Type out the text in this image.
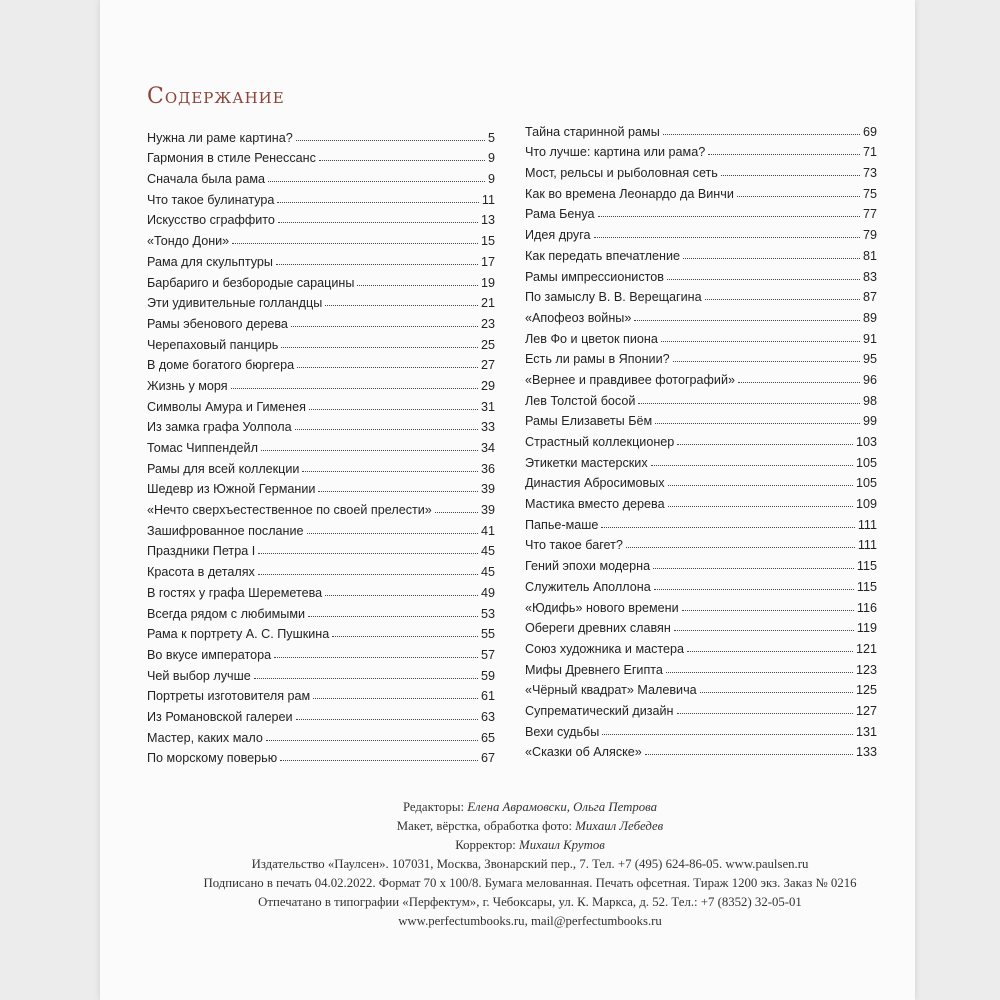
Содержание
Нужна ли раме картина?	5
Гармония в стиле Ренессанс	9
Сначала была рама	9
Что такое булинатура	11
Искусство сграффито	13
«Тондо Дони»	15
Рама для скульптуры	17
Барбариго и безбородые сарацины	19
Эти удивительные голландцы	21
Рамы эбенового дерева	23
Черепаховый панцирь	25
В доме богатого бюргера	27
Жизнь у моря	29
Символы Амура и Гименея	31
Из замка графа Уолпола	33
Томас Чиппендейл	34
Рамы для всей коллекции	36
Шедевр из Южной Германии	39
«Нечто сверхъестественное по своей прелести»	39
Зашифрованное послание	41
Праздники Петра I	45
Красота в деталях	45
В гостях у графа Шереметева	49
Всегда рядом с любимыми	53
Рама к портрету А. С. Пушкина	55
Во вкусе императора	57
Чей выбор лучше	59
Портреты изготовителя рам	61
Из Романовской галереи	63
Мастер, каких мало	65
По морскому поверью	67
Тайна старинной рамы	69
Что лучше: картина или рама?	71
Мост, рельсы и рыболовная сеть	73
Как во времена Леонардо да Винчи	75
Рама Бенуа	77
Идея друга	79
Как передать впечатление	81
Рамы импрессионистов	83
По замыслу В. В. Верещагина	87
«Апофеоз войны»	89
Лев Фо и цветок пиона	91
Есть ли рамы в Японии?	95
«Вернее и правдивее фотографий»	96
Лев Толстой босой	98
Рамы Елизаветы Бём	99
Страстный коллекционер	103
Этикетки мастерских	105
Династия Абросимовых	105
Мастика вместо дерева	109
Папье-маше	111
Что такое багет?	111
Гений эпохи модерна	115
Служитель Аполлона	115
«Юдифь» нового времени	116
Обереги древних славян	119
Союз художника и мастера	121
Мифы Древнего Египта	123
«Чёрный квадрат» Малевича	125
Супрематический дизайн	127
Вехи судьбы	131
«Сказки об Аляске»	133
Редакторы: Елена Аврамовски, Ольга Петрова
Макет, вёрстка, обработка фото: Михаил Лебедев
Корректор: Михаил Крутов
Издательство «Паулсен». 107031, Москва, Звонарский пер., 7. Тел. +7 (495) 624-86-05. www.paulsen.ru
Подписано в печать 04.02.2022. Формат 70 х 100/8. Бумага мелованная. Печать офсетная. Тираж 1200 экз. Заказ № 0216
Отпечатано в типографии «Перфектум», г. Чебоксары, ул. К. Маркса, д. 52. Тел.: +7 (8352) 32-05-01
www.perfectumbooks.ru, mail@perfectumbooks.ru
